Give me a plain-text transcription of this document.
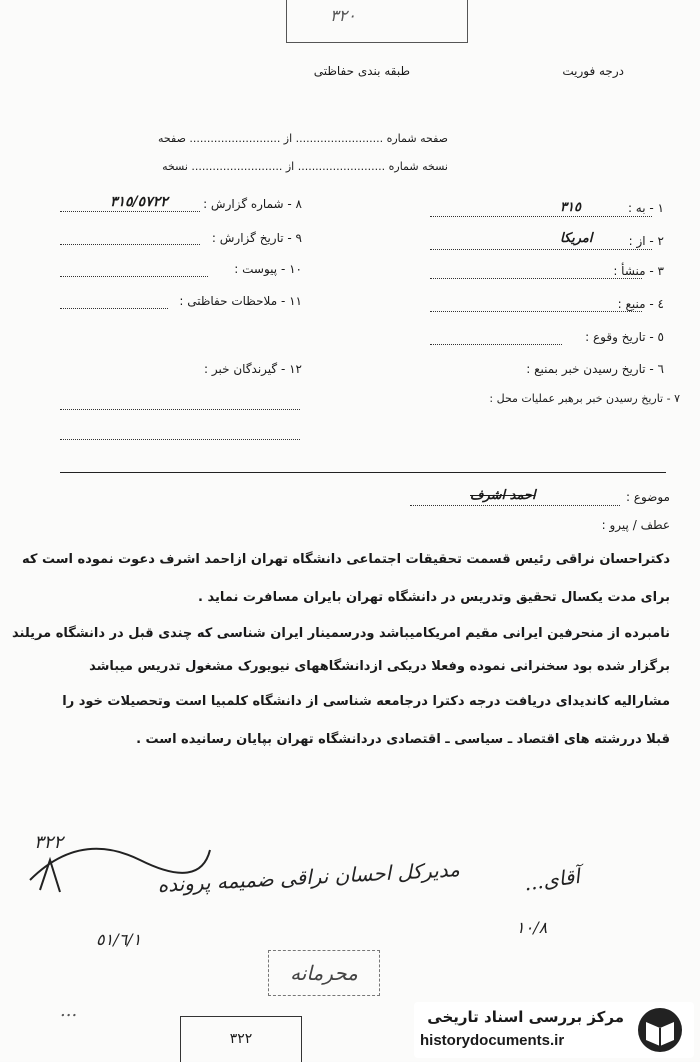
٣٢٠
درجه فوریت
طبقه بندی حفاظتی
صفحه شماره ......................... از .......................... صفحه
نسخه شماره ......................... از .......................... نسخه
١ - به :
٣١٥
٢ - از :
امریکا
٣ - منشأ :
٤ - منبع :
٥ - تاریخ وقوع :
٦ - تاریخ رسیدن خبر بمنبع :
٧ - تاریخ رسیدن خبر برهبر عملیات محل :
٨ - شماره گزارش :
٣١٥/٥٧٢٢
٩ - تاریخ گزارش :
١٠ - پیوست :
١١ - ملاحظات حفاظتی :
١٢ - گیرندگان خبر :
موضوع :
احمد اشرف
عطف / پیرو :
دکتراحسان نراقی رئیس قسمت تحقیقات اجتماعی دانشگاه تهران ازاحمد اشرف دعوت نموده است که
برای مدت یکسال تحقیق وتدریس در دانشگاه تهران بایران مسافرت نماید .
نامبرده از منحرفین ایرانی مقیم امریکامیباشد ودرسمینار ایران شناسی که چندی قبل در دانشگاه مریلند
برگزار شده بود سخنرانی نموده وفعلا دریکی ازدانشگاههای نیویورک مشغول تدریس میباشد
مشارالیه کاندیدای دریافت درجه دکترا درجامعه شناسی از دانشگاه کلمبیا است وتحصیلات خود را
قبلا دررشته های اقتصاد ـ سیاسی ـ اقتصادی دردانشگاه تهران بپایان رسانیده است .
٣٢٢
مدیرکل احسان نراقی ضمیمه پرونده
٥١/٦/١
آقای...
١٠/٨
...
محرمانه
٣٢٢
مرکز بررسی اسناد تاریخی
historydocuments.ir
